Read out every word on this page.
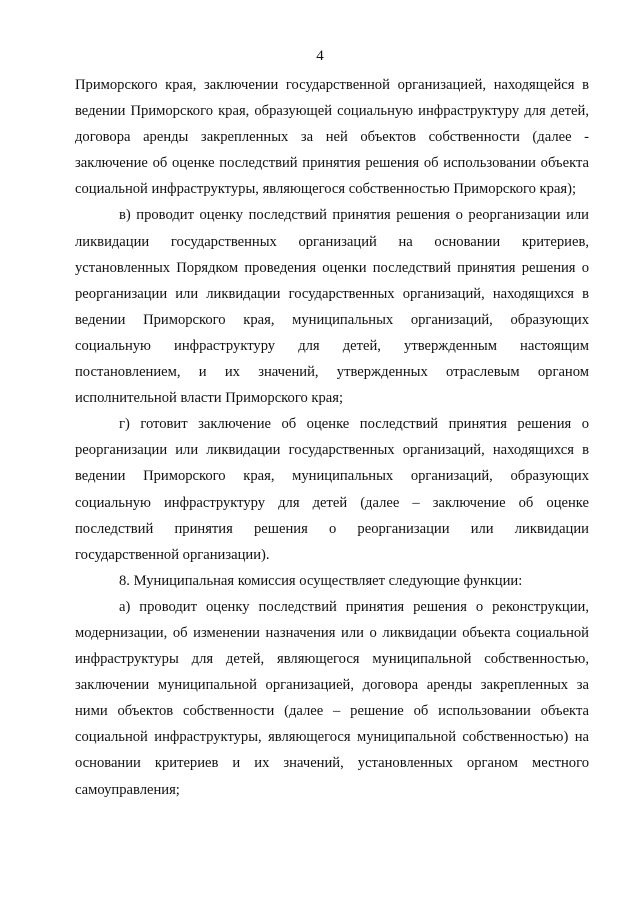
4

Приморского края, заключении государственной организацией, находящейся в ведении Приморского края, образующей социальную инфраструктуру для детей, договора аренды закрепленных за ней объектов собственности (далее - заключение об оценке последствий принятия решения об использовании объекта социальной инфраструктуры, являющегося собственностью Приморского края);

в) проводит оценку последствий принятия решения о реорганизации или ликвидации государственных организаций на основании критериев, установленных Порядком проведения оценки последствий принятия решения о реорганизации или ликвидации государственных организаций, находящихся в ведении Приморского края, муниципальных организаций, образующих социальную инфраструктуру для детей, утвержденным настоящим постановлением, и их значений, утвержденных отраслевым органом исполнительной власти Приморского края;

г) готовит заключение об оценке последствий принятия решения о реорганизации или ликвидации государственных организаций, находящихся в ведении Приморского края, муниципальных организаций, образующих социальную инфраструктуру для детей (далее – заключение об оценке последствий принятия решения о реорганизации или ликвидации государственной организации).

8. Муниципальная комиссия осуществляет следующие функции:

а) проводит оценку последствий принятия решения о реконструкции, модернизации, об изменении назначения или о ликвидации объекта социальной инфраструктуры для детей, являющегося муниципальной собственностью, заключении муниципальной организацией, договора аренды закрепленных за ними объектов собственности (далее – решение об использовании объекта социальной инфраструктуры, являющегося муниципальной собственностью) на основании критериев и их значений, установленных органом местного самоуправления;
